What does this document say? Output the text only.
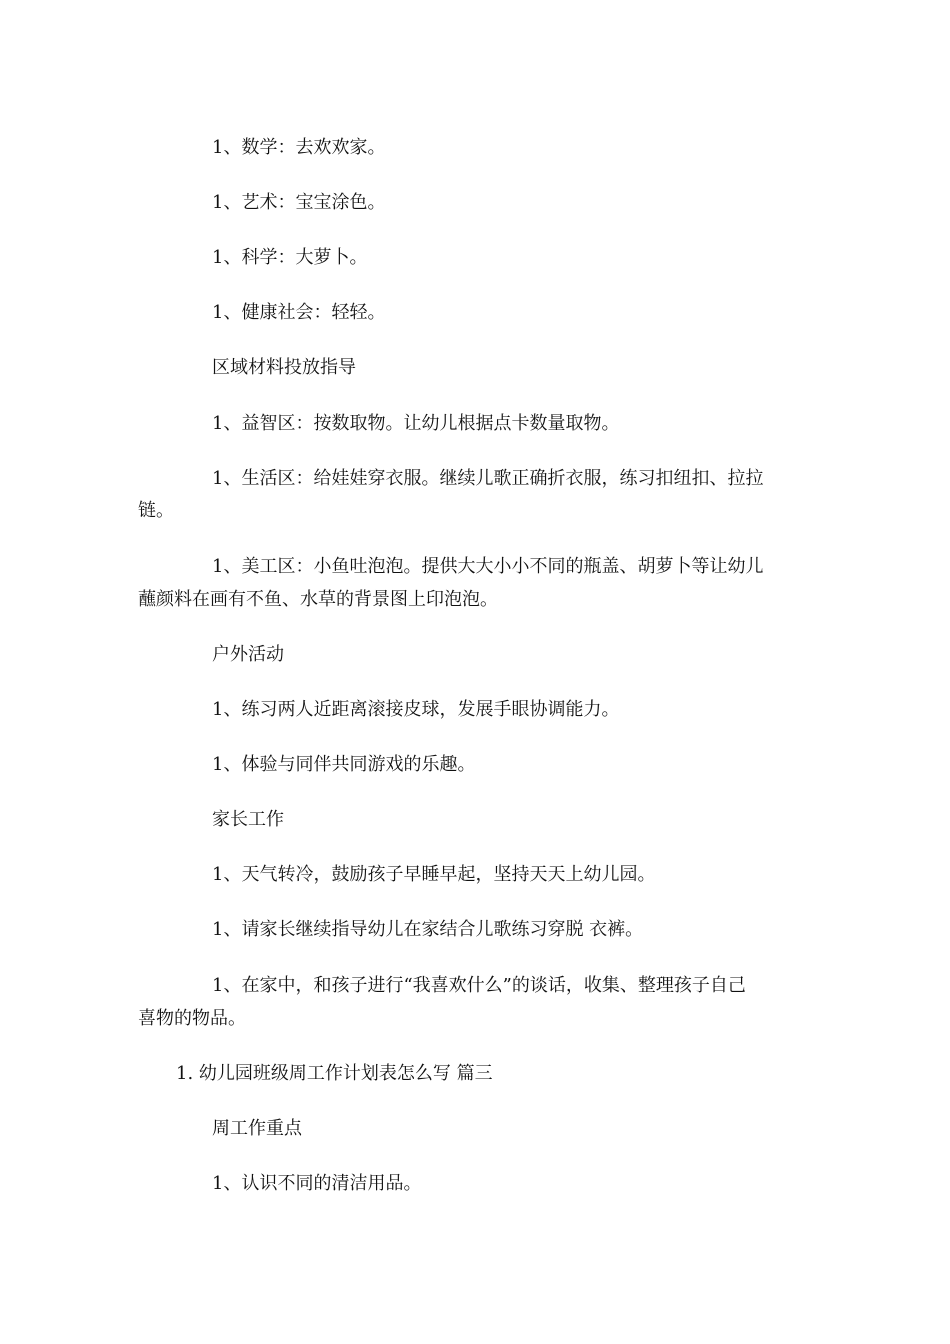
1、数学：去欢欢家。
1、艺术：宝宝涂色。
1、科学：大萝卜。
1、健康社会：轻轻。
区域材料投放指导
1、益智区：按数取物。让幼儿根据点卡数量取物。
1、生活区：给娃娃穿衣服。继续儿歌正确折衣服，练习扣纽扣、拉拉
链。
1、美工区：小鱼吐泡泡。提供大大小小不同的瓶盖、胡萝卜等让幼儿
蘸颜料在画有不鱼、水草的背景图上印泡泡。
户外活动
1、练习两人近距离滚接皮球，发展手眼协调能力。
1、体验与同伴共同游戏的乐趣。
家长工作
1、天气转冷，鼓励孩子早睡早起，坚持天天上幼儿园。
1、请家长继续指导幼儿在家结合儿歌练习穿脱 衣裤。
1、在家中，和孩子进行“我喜欢什么”的谈话，收集、整理孩子自己
喜物的物品。
1. 幼儿园班级周工作计划表怎么写 篇三
周工作重点
1、认识不同的清洁用品。
